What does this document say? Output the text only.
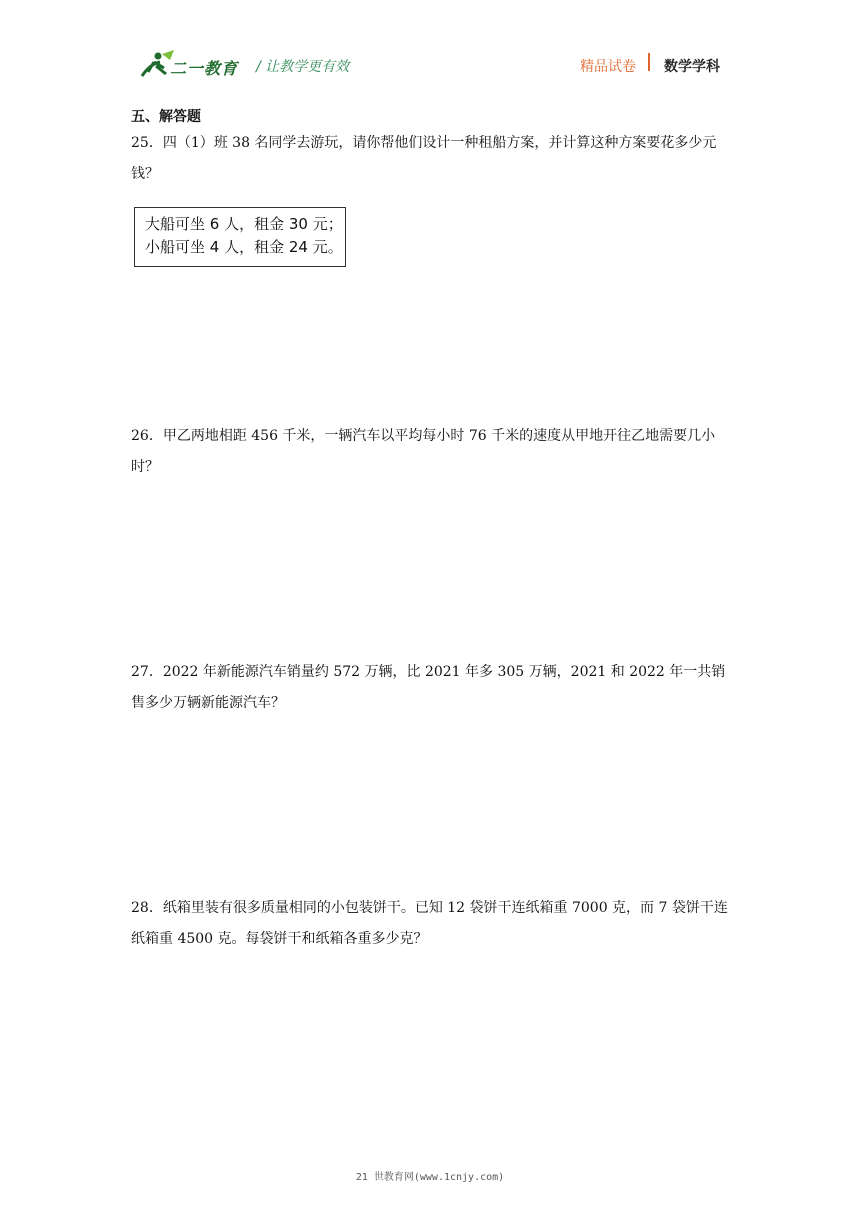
二一教育 / 让教学更有效	精品试卷 数学学科
五、解答题
25．四（1）班 38 名同学去游玩，请你帮他们设计一种租船方案，并计算这种方案要花多少元钱？
大船可坐 6 人，租金 30 元；
小船可坐 4 人，租金 24 元。
26．甲乙两地相距 456 千米，一辆汽车以平均每小时 76 千米的速度从甲地开往乙地需要几小时？
27．2022 年新能源汽车销量约 572 万辆，比 2021 年多 305 万辆，2021 和 2022 年一共销售多少万辆新能源汽车？
28．纸箱里装有很多质量相同的小包装饼干。已知 12 袋饼干连纸箱重 7000 克，而 7 袋饼干连纸箱重 4500 克。每袋饼干和纸箱各重多少克？
21 世教育网(www.1cnjy.com)
